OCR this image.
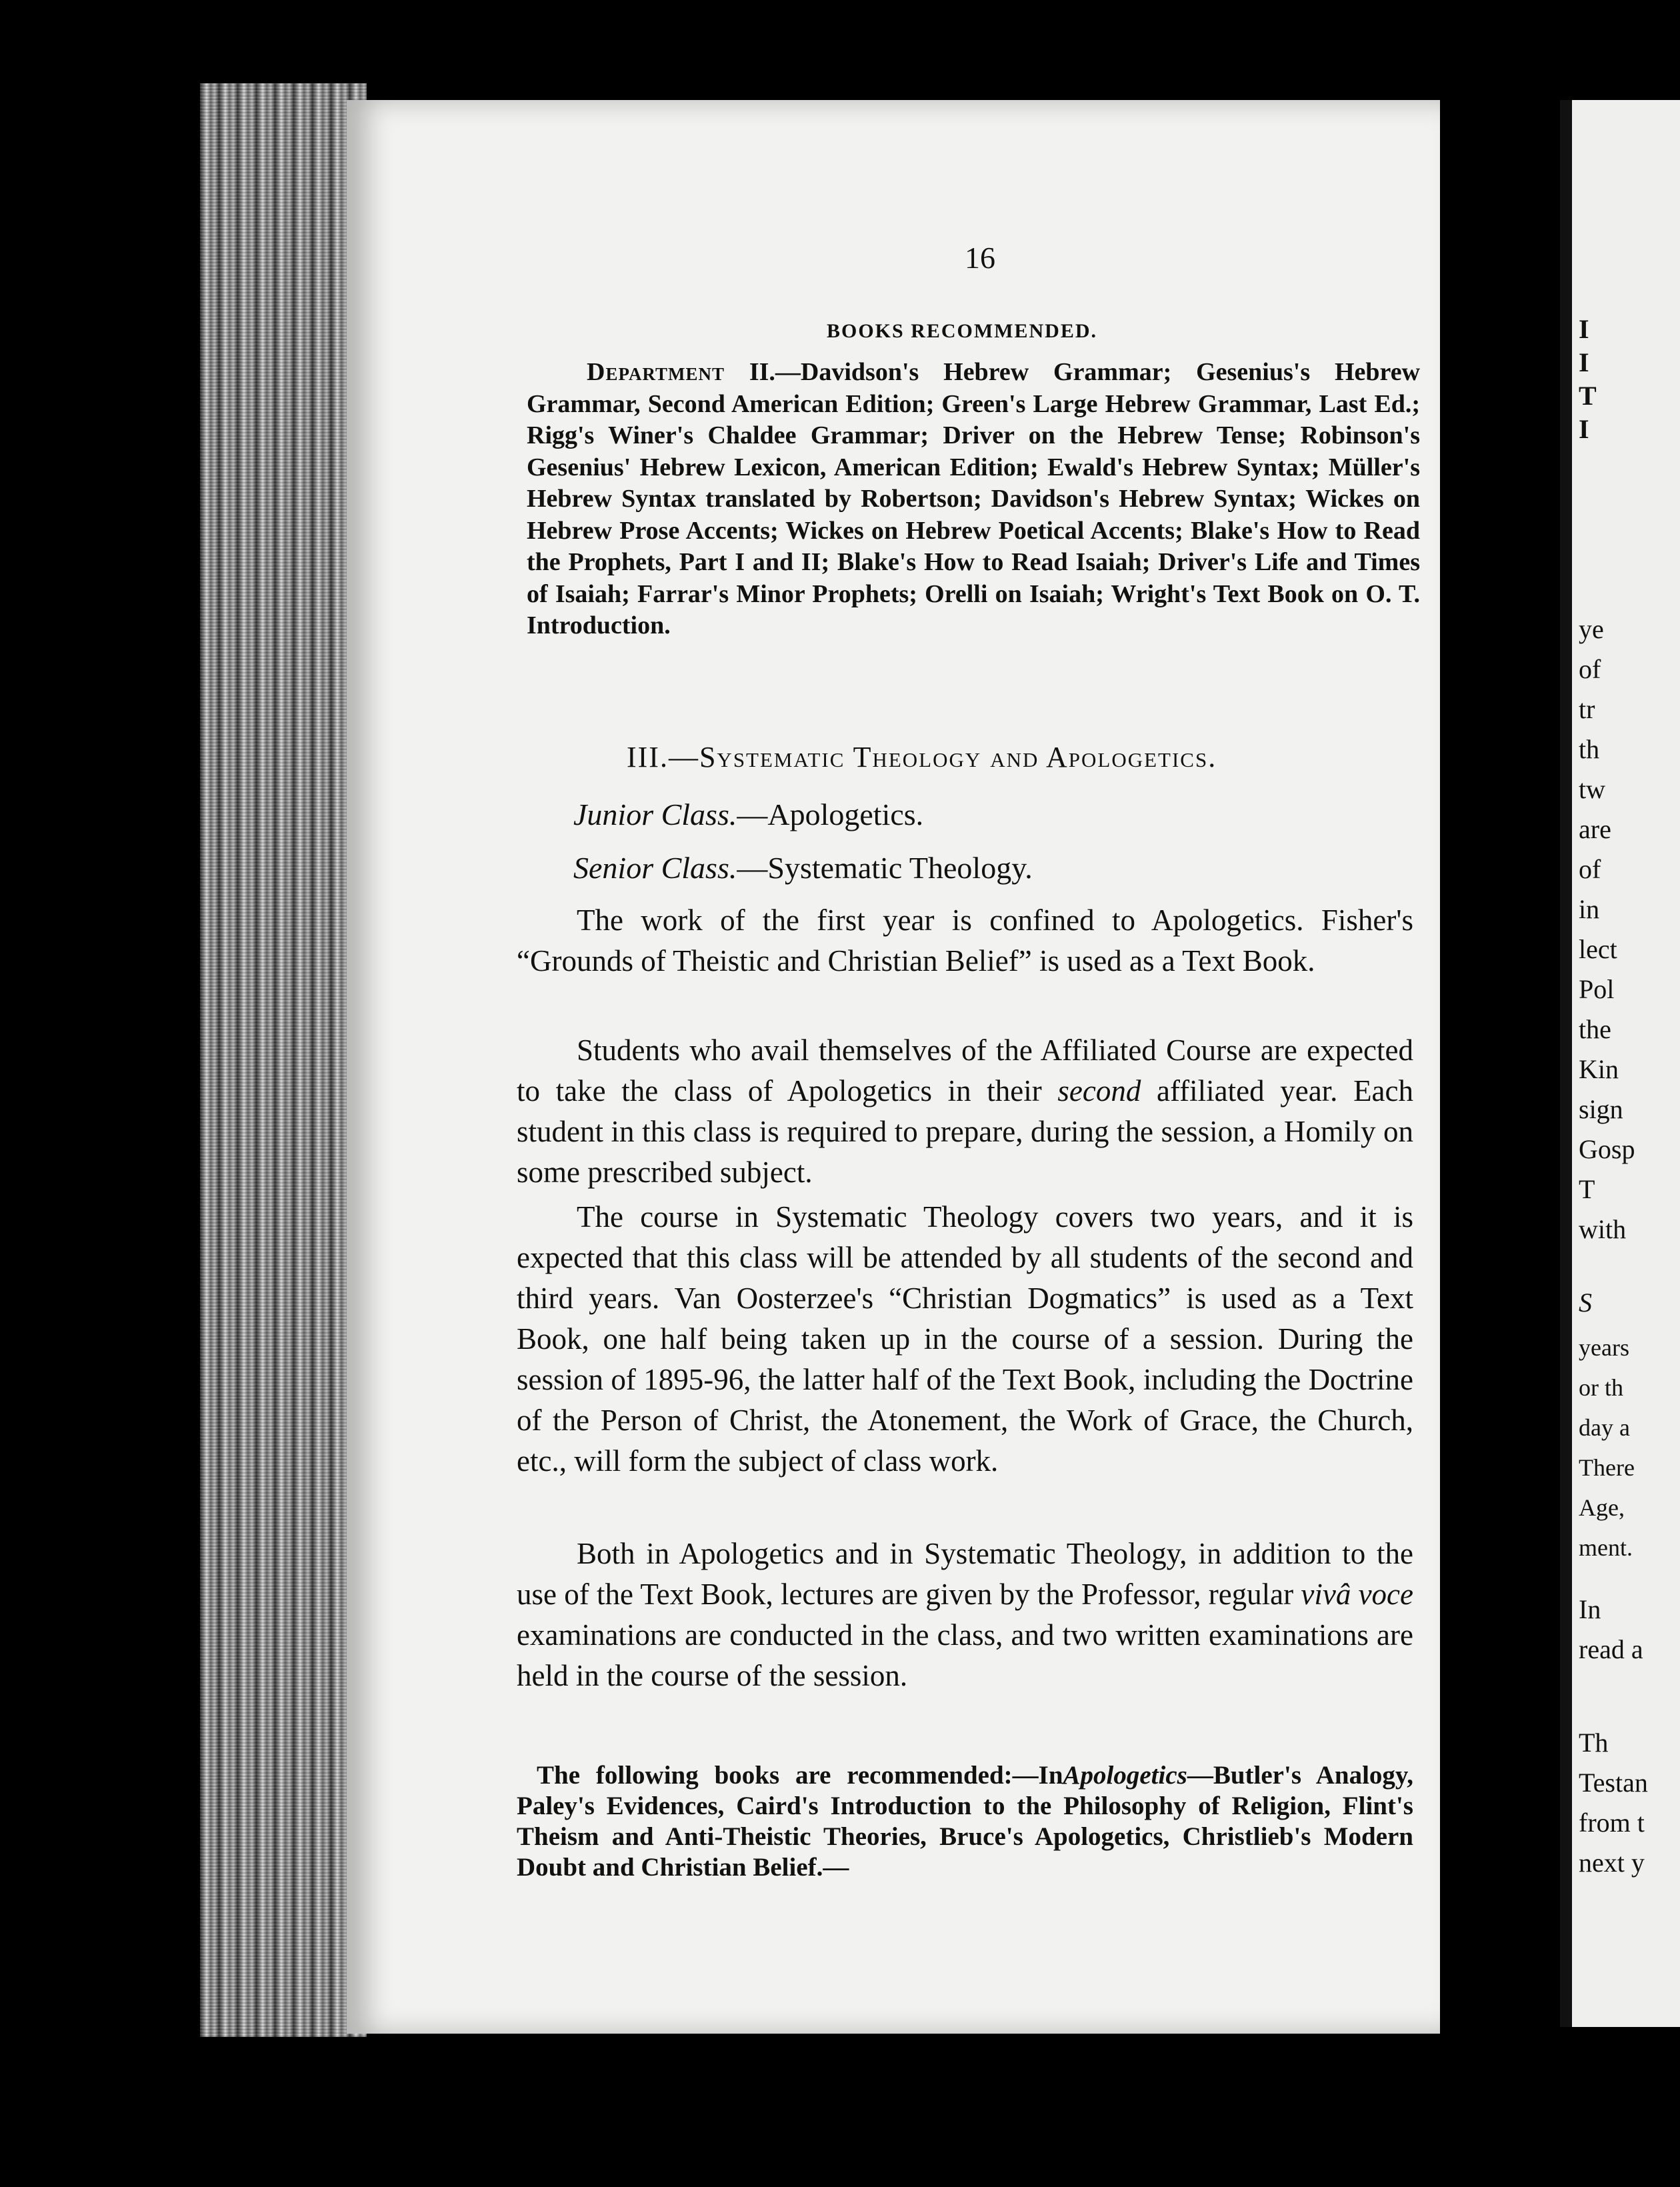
I
I
T
I
ye
of
tr
th
tw
are
of
in
lect
Pol
the
Kin
sign
Gosp
T
with
S
years
or th
day a
There
Age,
ment.
In
read a
Th
Testan
from t
next y
16
BOOKS RECOMMENDED.
Department II.—Davidson's Hebrew Grammar; Gesenius's Hebrew Grammar, Second American Edition; Green's Large Hebrew Grammar, Last Ed.; Rigg's Winer's Chaldee Grammar; Driver on the Hebrew Tense; Robinson's Gesenius' Hebrew Lexicon, American Edition; Ewald's Hebrew Syntax; Müller's Hebrew Syntax translated by Robertson; Davidson's Hebrew Syntax; Wickes on Hebrew Prose Accents; Wickes on Hebrew Poetical Accents; Blake's How to Read the Prophets, Part I and II; Blake's How to Read Isaiah; Driver's Life and Times of Isaiah; Farrar's Minor Prophets; Orelli on Isaiah; Wright's Text Book on O. T. Introduction.
III.—Systematic Theology and Apologetics.
Junior Class.—Apologetics.
Senior Class.—Systematic Theology.
The work of the first year is confined to Apologetics. Fisher's “Grounds of Theistic and Christian Belief” is used as a Text Book.
Students who avail themselves of the Affiliated Course are expected to take the class of Apologetics in their second affiliated year. Each student in this class is required to prepare, during the session, a Homily on some prescribed subject.
The course in Systematic Theology covers two years, and it is expected that this class will be attended by all students of the second and third years. Van Oosterzee's “Christian Dogmatics” is used as a Text Book, one half being taken up in the course of a session. During the session of 1895-96, the latter half of the Text Book, including the Doctrine of the Person of Christ, the Atonement, the Work of Grace, the Church, etc., will form the subject of class work.
Both in Apologetics and in Systematic Theology, in addition to the use of the Text Book, lectures are given by the Professor, regular vivâ voce examinations are conducted in the class, and two written examinations are held in the course of the session.
The following books are recommended:—InApologetics—Butler's Analogy, Paley's Evidences, Caird's Introduction to the Philosophy of Religion, Flint's Theism and Anti-Theistic Theories, Bruce's Apologetics, Christlieb's Modern Doubt and Christian Belief.—
